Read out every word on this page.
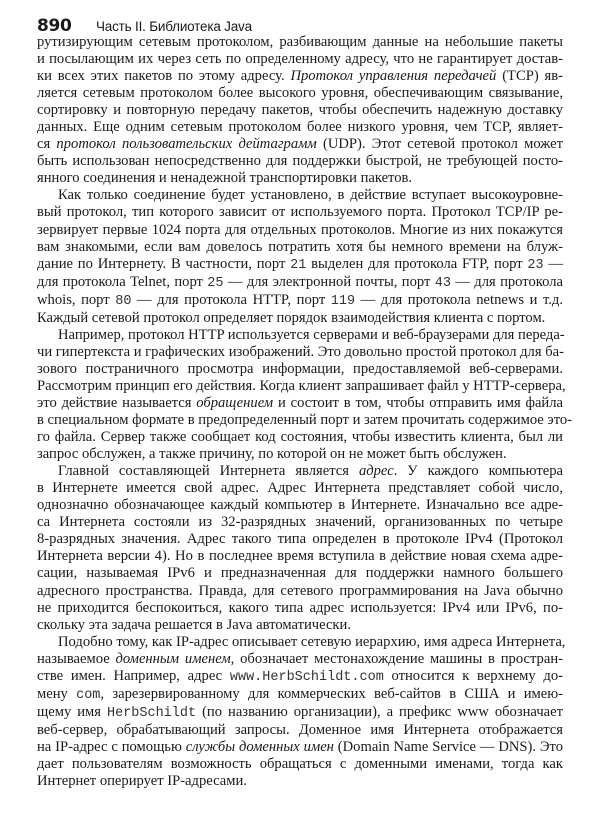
890	Часть II. Библиотека Java

рутизирующим сетевым протоколом, разбивающим данные на небольшие пакеты
и посылающим их через сеть по определенному адресу, что не гарантирует достав-
ки всех этих пакетов по этому адресу. Протокол управления передачей (TCP) яв-
ляется сетевым протоколом более высокого уровня, обеспечивающим связывание,
сортировку и повторную передачу пакетов, чтобы обеспечить надежную доставку
данных. Еще одним сетевым протоколом более низкого уровня, чем TCP, являет-
ся протокол пользовательских дейтаграмм (UDP). Этот сетевой протокол может
быть использован непосредственно для поддержки быстрой, не требующей посто-
янного соединения и ненадежной транспортировки пакетов.

Как только соединение будет установлено, в действие вступает высокоуровне-
вый протокол, тип которого зависит от используемого порта. Протокол TCP/IP ре-
зервирует первые 1024 порта для отдельных протоколов. Многие из них покажутся
вам знакомыми, если вам довелось потратить хотя бы немного времени на блуж-
дание по Интернету. В частности, порт 21 выделен для протокола FTP, порт 23 —
для протокола Telnet, порт 25 — для электронной почты, порт 43 — для протокола
whois, порт 80 — для протокола HTTP, порт 119 — для протокола netnews и т.д.
Каждый сетевой протокол определяет порядок взаимодействия клиента с портом.

Например, протокол HTTP используется серверами и веб-браузерами для переда-
чи гипертекста и графических изображений. Это довольно простой протокол для ба-
зового постраничного просмотра информации, предоставляемой веб-серверами.
Рассмотрим принцип его действия. Когда клиент запрашивает файл у HTTP-сервера,
это действие называется обращением и состоит в том, чтобы отправить имя файла
в специальном формате в предопределенный порт и затем прочитать содержимое это-
го файла. Сервер также сообщает код состояния, чтобы известить клиента, был ли
запрос обслужен, а также причину, по которой он не может быть обслужен.

Главной составляющей Интернета является адрес. У каждого компьютера
в Интернете имеется свой адрес. Адрес Интернета представляет собой число,
однозначно обозначающее каждый компьютер в Интернете. Изначально все адре-
са Интернета состояли из 32-разрядных значений, организованных по четыре
8-разрядных значения. Адрес такого типа определен в протоколе IPv4 (Протокол
Интернета версии 4). Но в последнее время вступила в действие новая схема адре-
сации, называемая IPv6 и предназначенная для поддержки намного большего
адресного пространства. Правда, для сетевого программирования на Java обычно
не приходится беспокоиться, какого типа адрес используется: IPv4 или IPv6, по-
скольку эта задача решается в Java автоматически.

Подобно тому, как IP-адрес описывает сетевую иерархию, имя адреса Интернета,
называемое доменным именем, обозначает местонахождение машины в простран-
стве имен. Например, адрес www.HerbSchildt.com относится к верхнему до-
мену com, зарезервированному для коммерческих веб-сайтов в США и имею-
щему имя HerbSchildt (по названию организации), а префикс www обозначает
веб-сервер, обрабатывающий запросы. Доменное имя Интернета отображается
на IP-адрес с помощью службы доменных имен (Domain Name Service — DNS). Это
дает пользователям возможность обращаться с доменными именами, тогда как
Интернет оперирует IP-адресами.
